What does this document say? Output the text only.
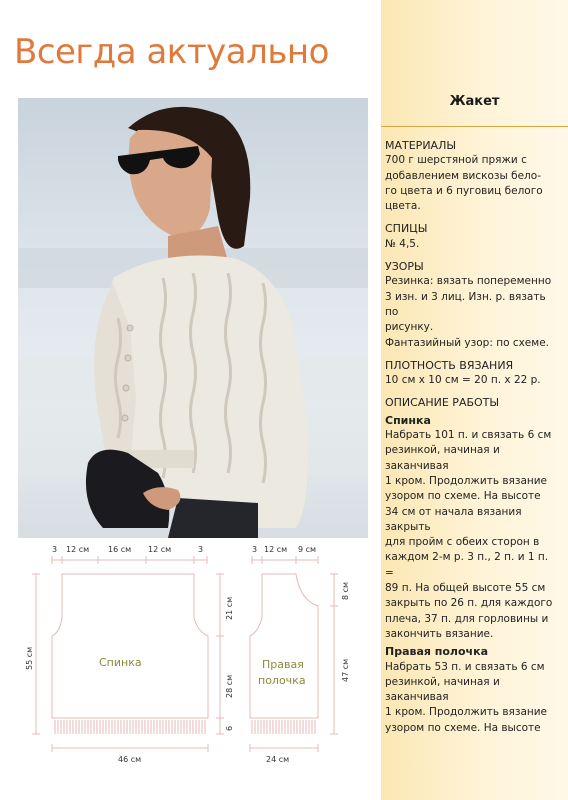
Всегда актуально
Жакет
МАТЕРИАЛЫ

700 г шерстяной пряжи с

добавлением вискозы бело-

го цвета и 6 пуговиц белого

цвета.

СПИЦЫ

№ 4,5.

УЗОРЫ

Резинка: вязать попеременно

3 изн. и 3 лиц. Изн. р. вязать по

рисунку.

Фантазийный узор: по схеме.

ПЛОТНОСТЬ ВЯЗАНИЯ

10 см х 10 см = 20 п. х 22 р.

ОПИСАНИЕ РАБОТЫ
Спинка

Набрать 101 п. и связать 6 см

резинкой, начиная и заканчивая

1 кром. Продолжить вязание

узором по схеме. На высоте

34 см от начала вязания закрыть

для пройм с обеих сторон в

каждом 2-м р. 3 п., 2 п. и 1 п. =

89 п. На общей высоте 55 см

закрыть по 26 п. для каждого

плеча, 37 п. для горловины и

закончить вязание.

Правая полочка

Набрать 53 п. и связать 6 см

резинкой, начиная и заканчивая

1 кром. Продолжить вязание

узором по схеме. На высоте

3 12 см 16 см 12 см	3
Спинка
46 см
55 см
3 12 см 9 см
Правая
полочка
24 см
21 см
28 см
6
8 см
47 см
